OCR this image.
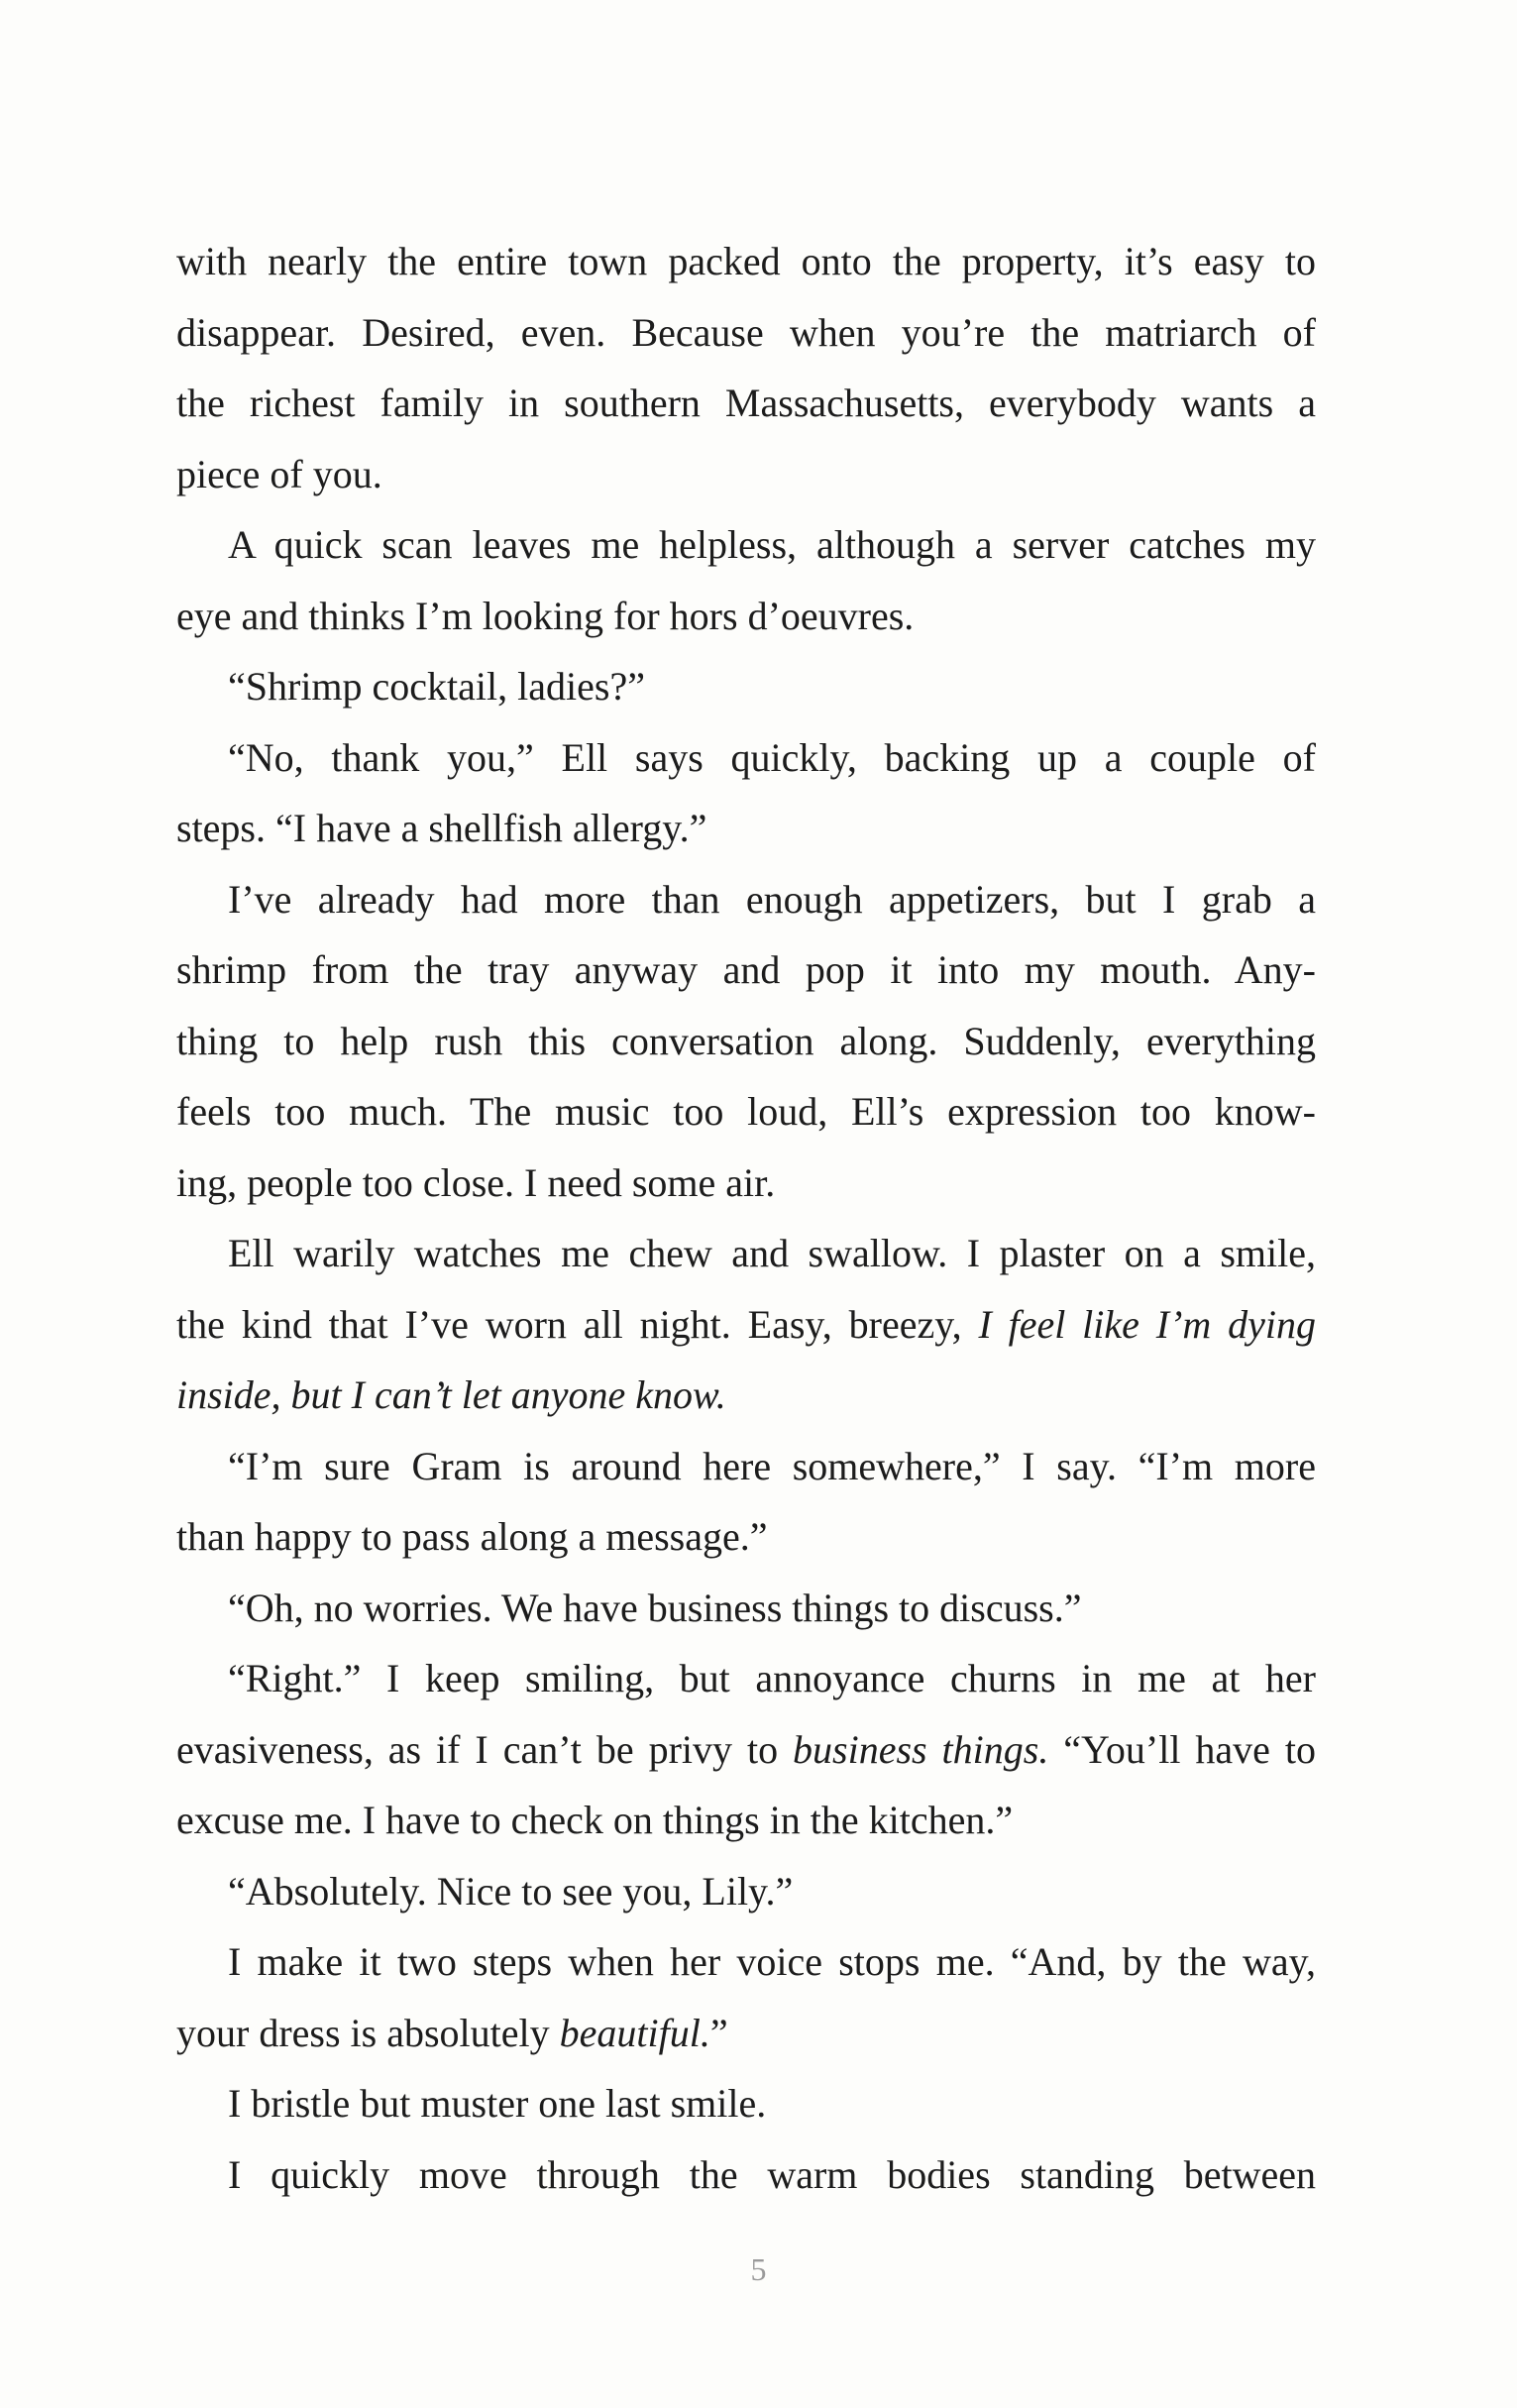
with nearly the entire town packed onto the property, it’s easy to
disappear. Desired, even. Because when you’re the matriarch of
the richest family in southern Massachusetts, everybody wants a
piece of you.
A quick scan leaves me helpless, although a server catches my
eye and thinks I’m looking for hors d’oeuvres.
“Shrimp cocktail, ladies?”
“No, thank you,” Ell says quickly, backing up a couple of
steps. “I have a shellfish allergy.”
I’ve already had more than enough appetizers, but I grab a
shrimp from the tray anyway and pop it into my mouth. Any-
thing to help rush this conversation along. Suddenly, everything
feels too much. The music too loud, Ell’s expression too know-
ing, people too close. I need some air.
Ell warily watches me chew and swallow. I plaster on a smile,
the kind that I’ve worn all night. Easy, breezy, I feel like I’m dying
inside, but I can’t let anyone know.
“I’m sure Gram is around here somewhere,” I say. “I’m more
than happy to pass along a message.”
“Oh, no worries. We have business things to discuss.”
“Right.” I keep smiling, but annoyance churns in me at her
evasiveness, as if I can’t be privy to business things. “You’ll have to
excuse me. I have to check on things in the kitchen.”
“Absolutely. Nice to see you, Lily.”
I make it two steps when her voice stops me. “And, by the way,
your dress is absolutely beautiful.”
I bristle but muster one last smile.
I quickly move through the warm bodies standing between
5
